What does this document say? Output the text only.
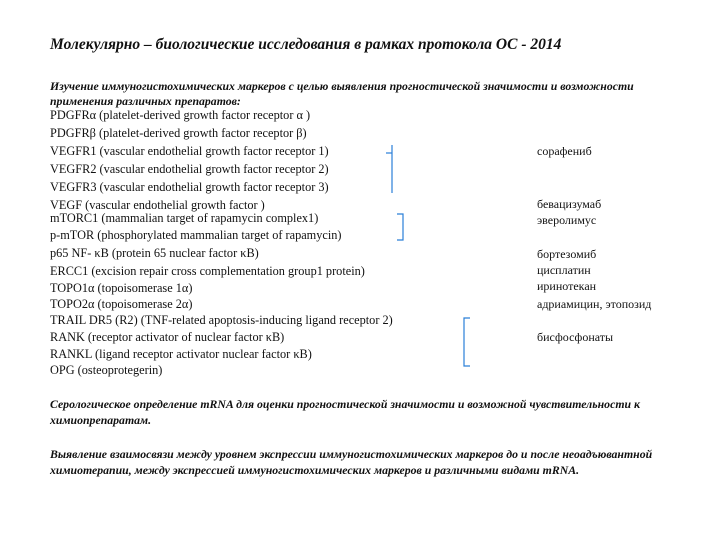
Молекулярно – биологические исследования в рамках протокола ОС - 2014
Изучение иммуногистохимических маркеров с целью выявления прогностической значимости и возможности применения различных препаратов:
PDGFRα (platelet-derived growth factor receptor α )
PDGFRβ (platelet-derived growth factor receptor β)
VEGFR1 (vascular endothelial growth factor receptor 1)
VEGFR2 (vascular endothelial growth factor receptor 2)
VEGFR3 (vascular endothelial growth factor receptor 3)
VEGF (vascular endothelial growth factor )
mTORC1 (mammalian target of rapamycin complex1)
p-mTOR (phosphorylated mammalian target of rapamycin)
p65 NF- κB (protein 65 nuclear factor κB)
ERCC1 (excision repair cross complementation group1 protein)
TOPO1α (topoisomerase 1α)
TOPO2α (topoisomerase 2α)
TRAIL DR5 (R2) (TNF-related apoptosis-inducing ligand receptor 2)
RANK (receptor activator of nuclear factor κB)
RANKL (ligand receptor activator nuclear factor κB)
OPG (osteoprotegerin)
сорафениб
бевацизумаб
эверолимус
бортезомиб
цисплатин
иринотекан
адриамицин, этопозид
бисфосфонаты
Серологическое определение mRNA для оценки прогностической значимости и возможной чувствительности к химиопрепаратам.
Выявление взаимосвязи между уровнем экспрессии иммуногистохимических маркеров до и после неоадъювантной химиотерапии, между экспрессией иммуногистохимических маркеров и различными видами mRNA.
